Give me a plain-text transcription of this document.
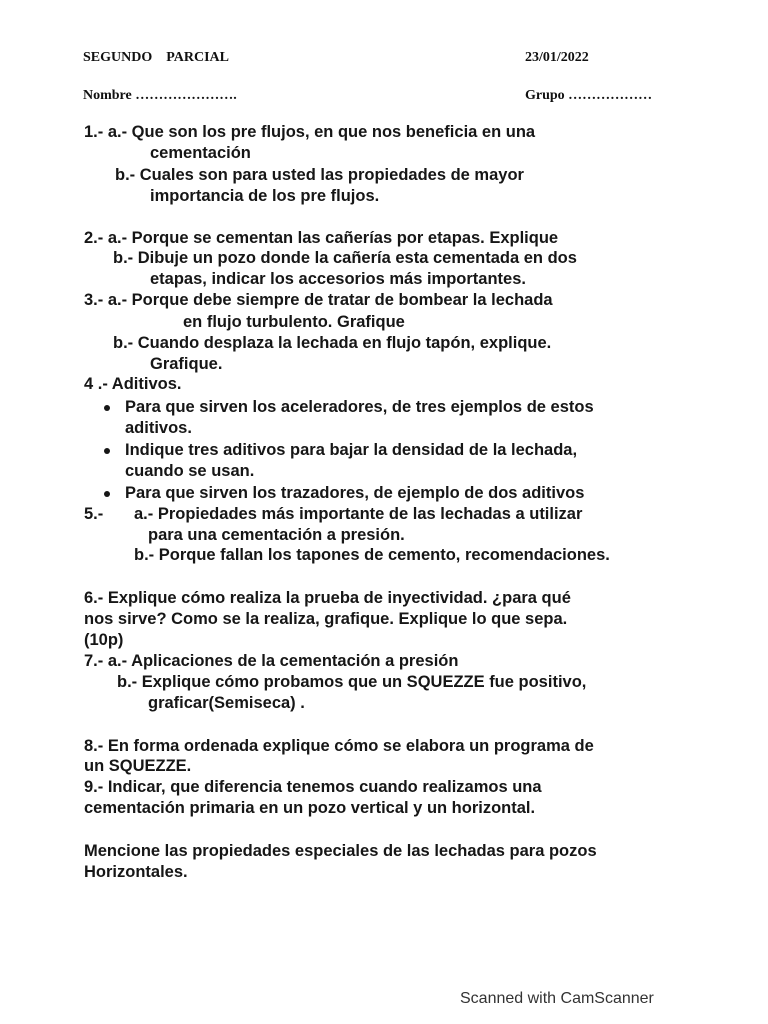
SEGUNDO    PARCIAL	23/01/2022
Nombre ………………….	Grupo ………………
1.- a.- Que son los pre flujos, en que nos beneficia en una
cementación
b.- Cuales son para usted las propiedades de mayor
importancia de los pre flujos.
2.- a.- Porque se cementan las cañerías por etapas. Explique
b.- Dibuje un pozo donde la cañería esta cementada en dos
etapas, indicar los accesorios más importantes.
3.- a.- Porque debe siempre de tratar de bombear la lechada
en flujo turbulento. Grafique
b.- Cuando desplaza la lechada en flujo tapón, explique.
Grafique.
4 .- Aditivos.
Para que sirven los aceleradores, de tres ejemplos de estos
aditivos.
Indique tres aditivos para bajar la densidad de la lechada,
cuando se usan.
Para que sirven los trazadores, de ejemplo de dos aditivos
5.- a.- Propiedades más importante de las lechadas a utilizar
para una cementación a presión.
b.- Porque fallan los tapones de cemento, recomendaciones.
6.- Explique cómo realiza la prueba de inyectividad. ¿para qué
nos sirve? Como se la realiza, grafique. Explique lo que sepa.
(10p)
7.- a.- Aplicaciones de la cementación a presión
b.- Explique cómo probamos que un SQUEZZE fue positivo,
graficar(Semiseca) .
8.- En forma ordenada explique cómo se elabora un programa de
un SQUEZZE.
9.- Indicar, que diferencia tenemos cuando realizamos una
cementación primaria en un pozo vertical y un horizontal.
Mencione las propiedades especiales de las lechadas para pozos
Horizontales.
Scanned with CamScanner
